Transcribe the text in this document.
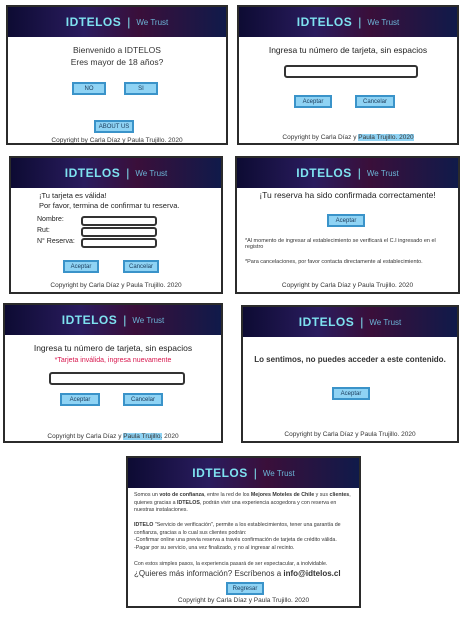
IDTELOS | We Trust
Bienvenido a IDTELOS
Eres mayor de 18 años?
NO	SI
ABOUT US
Copyright by Carla Díaz y Paula Trujillo. 2020
IDTELOS | We Trust
Ingresa tu número de tarjeta, sin espacios
Aceptar	Cancelar
Copyright by Carla Díaz y Paula Trujillo. 2020
IDTELOS | We Trust
¡Tu tarjeta es válida!
Por favor, termina de confirmar tu reserva.
Nombre:
Rut:
N° Reserva:
Aceptar	Cancelar
Copyright by Carla Díaz y Paula Trujillo. 2020
IDTELOS | We Trust
¡Tu reserva ha sido confirmada correctamente!
Aceptar
*Al momento de ingresar al establecimiento se verificará el C.I ingresado en el registro
*Para cancelaciones, por favor contacta directamente al establecimiento.
Copyright by Carla Díaz y Paula Trujillo. 2020
IDTELOS | We Trust
Ingresa tu número de tarjeta, sin espacios
*Tarjeta inválida, ingresa nuevamente
Aceptar	Cancelar
Copyright by Carla Díaz y Paula Trujillo. 2020
IDTELOS | We Trust
Lo sentimos, no puedes acceder a este contenido.
Aceptar
Copyright by Carla Díaz y Paula Trujillo. 2020
IDTELOS | We Trust
Somos un voto de confianza, entre la red de los Mejores Moteles de Chile y sus clientes, quienes gracias a IDTELOS, podrán vivir una experiencia acogedora y con reserva en nuestras instalaciones.
IDTELO "Servicio de verificación", permite a los establecimientos, tener una garantía de confianza, gracias a lo cual sus clientes podrán:
-Confirmar online una previa reserva a través confirmación de tarjeta de crédito válida.
-Pagar por su servicio, una vez finalizado, y no al ingresar al recinto.
Con estos simples pasos, la experiencia pasará de ser espectacular, a inolvidable.
¿Quieres más información? Escríbenos a info@idtelos.cl
Regresar
Copyright by Carla Díaz y Paula Trujillo. 2020
